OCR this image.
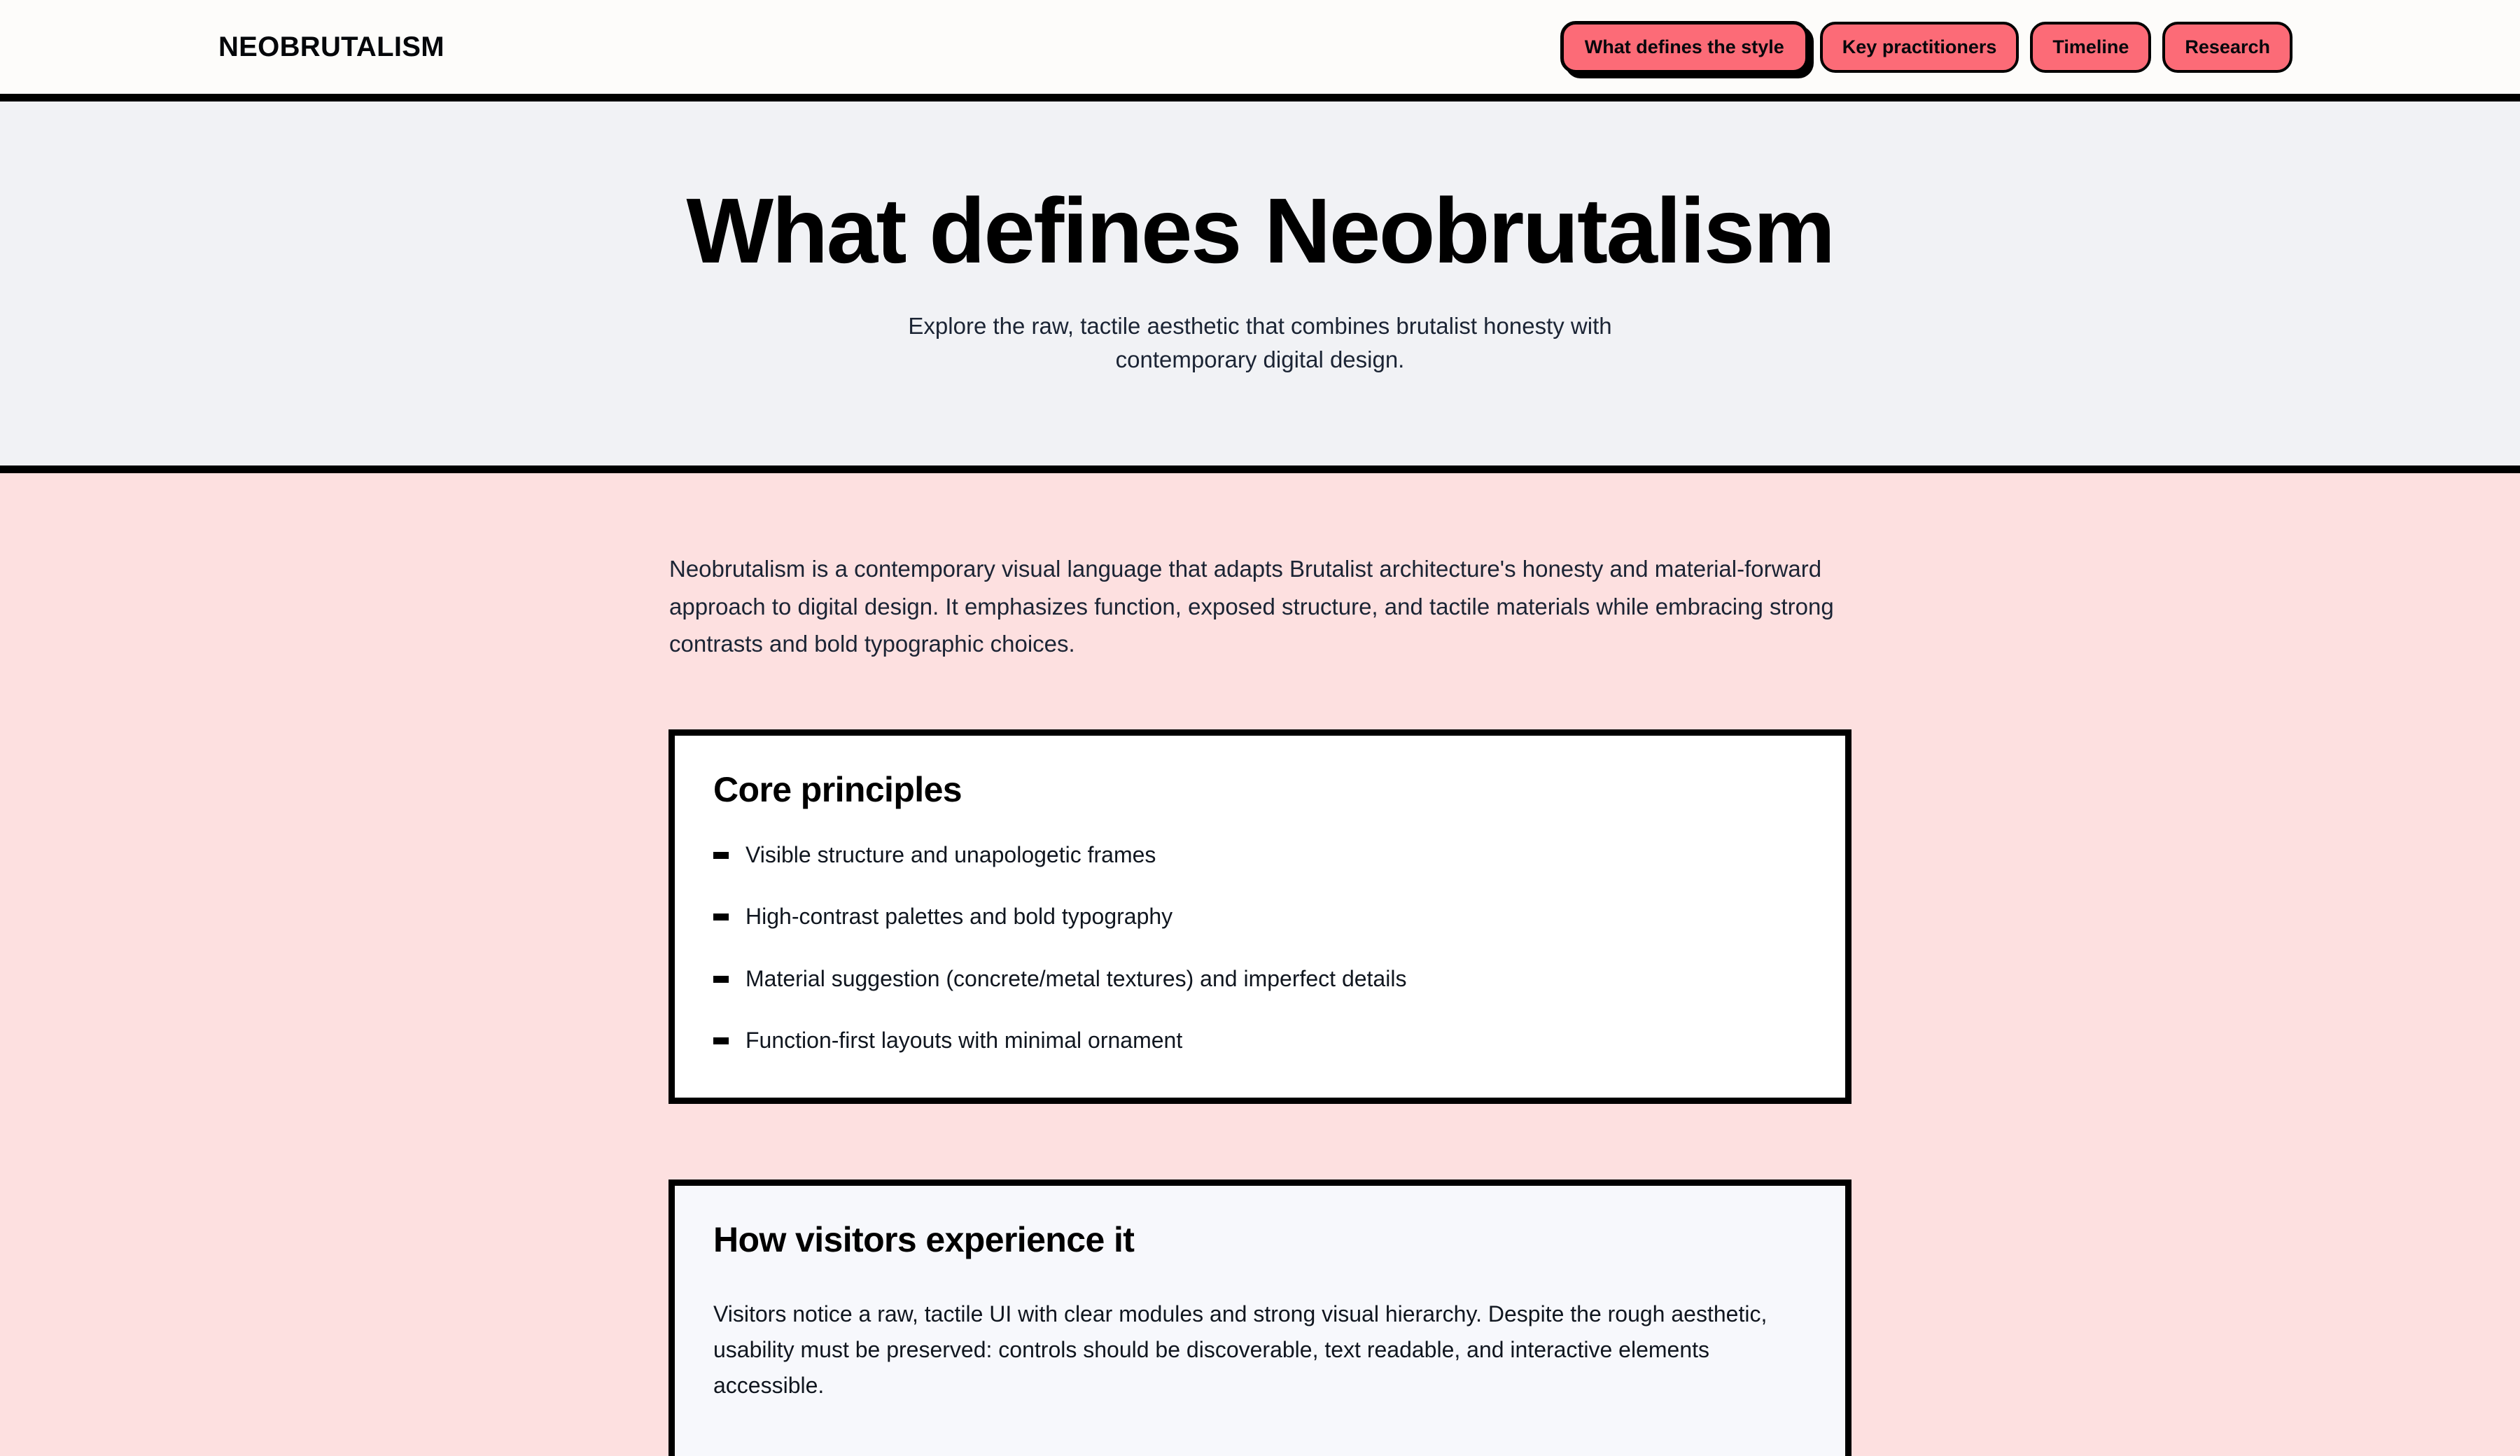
NEOBRUTALISM	What defines the style	Key practitioners	Timeline	Research
What defines Neobrutalism

Explore the raw, tactile aesthetic that combines brutalist honesty with contemporary digital design.

Neobrutalism is a contemporary visual language that adapts Brutalist architecture's honesty and material-forward approach to digital design. It emphasizes function, exposed structure, and tactile materials while embracing strong contrasts and bold typographic choices.

Core principles
Visible structure and unapologetic frames
High-contrast palettes and bold typography
Material suggestion (concrete/metal textures) and imperfect details
Function-first layouts with minimal ornament
How visitors experience it

Visitors notice a raw, tactile UI with clear modules and strong visual hierarchy. Despite the rough aesthetic, usability must be preserved: controls should be discoverable, text readable, and interactive elements accessible.
